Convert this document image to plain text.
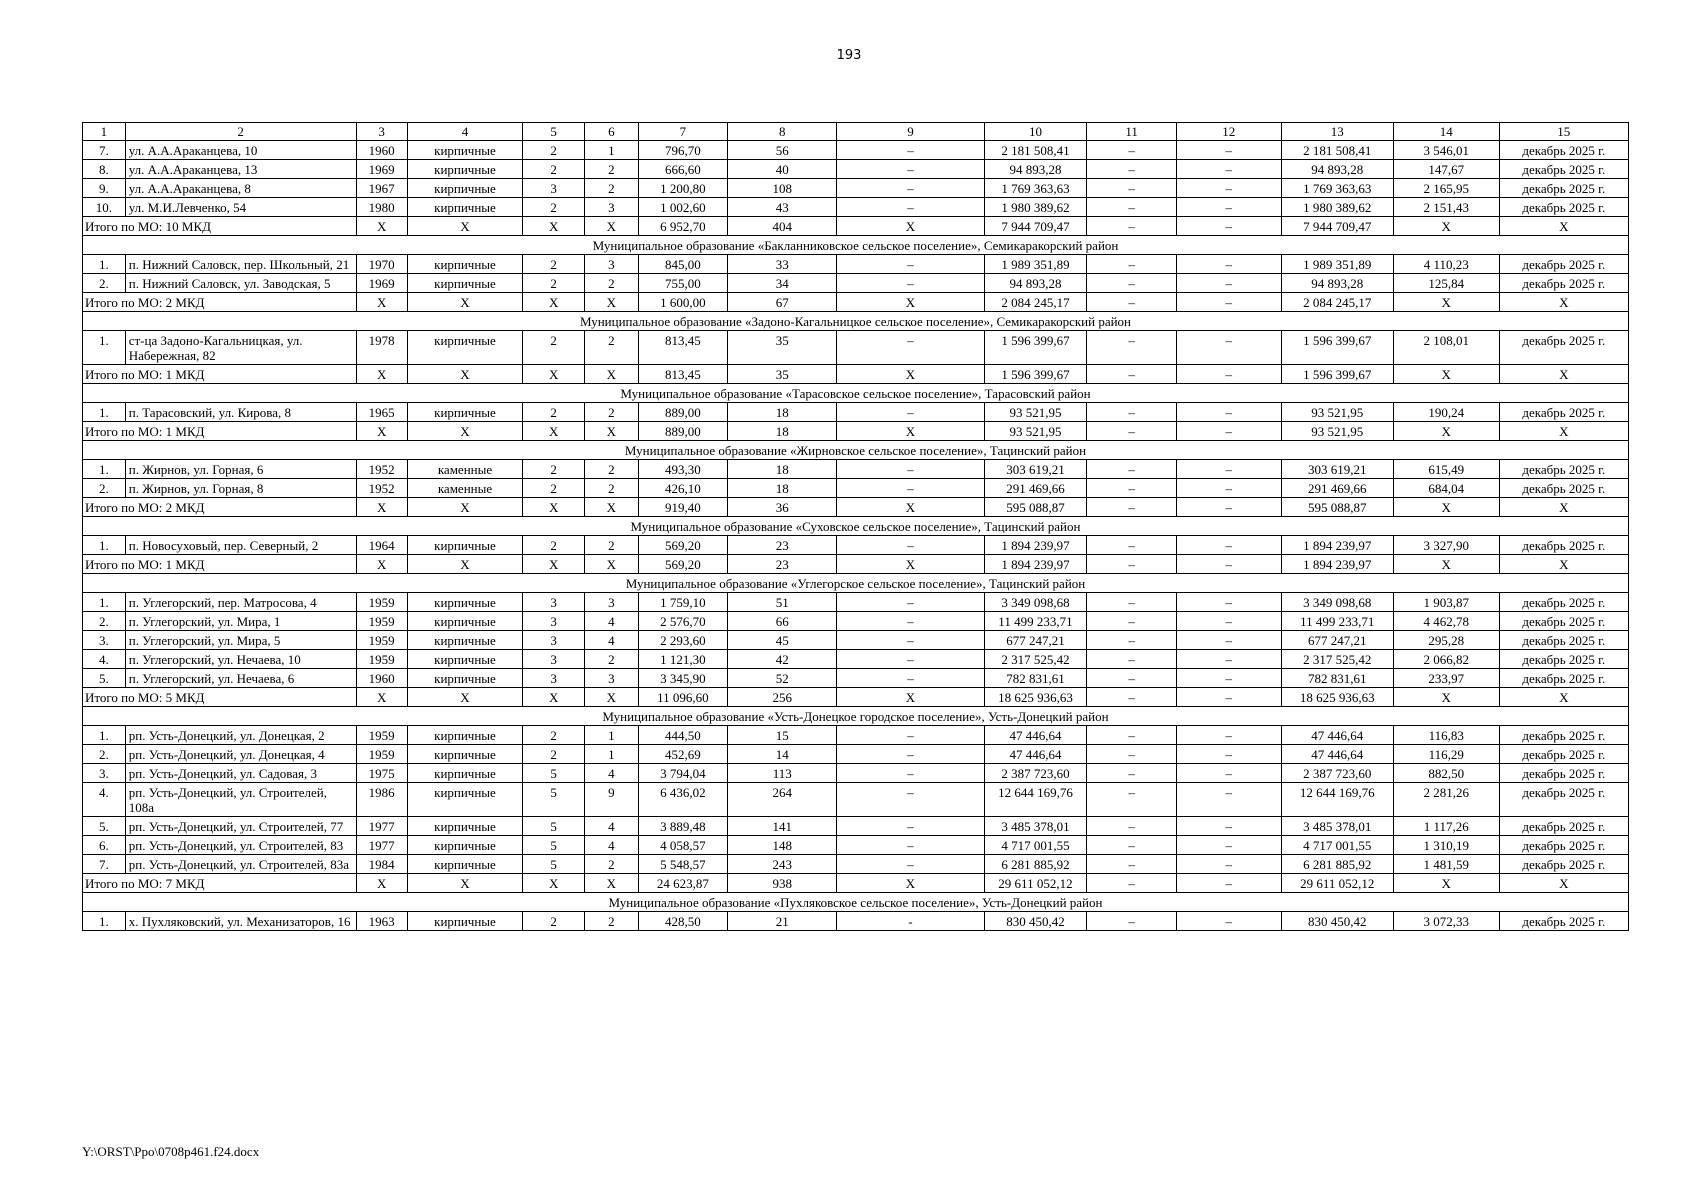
193
1	2	3	4	5	6	7	8	9	10	11	12	13	14	15
7.	ул. А.А.Араканцева, 10	1960	кирпичные	2	1	796,70	56	–	2 181 508,41	–	–	2 181 508,41	3 546,01	декабрь 2025 г.
8.	ул. А.А.Араканцева, 13	1969	кирпичные	2	2	666,60	40	–	94 893,28	–	–	94 893,28	147,67	декабрь 2025 г.
9.	ул. А.А.Араканцева, 8	1967	кирпичные	3	2	1 200,80	108	–	1 769 363,63	–	–	1 769 363,63	2 165,95	декабрь 2025 г.
10.	ул. М.И.Левченко, 54	1980	кирпичные	2	3	1 002,60	43	–	1 980 389,62	–	–	1 980 389,62	2 151,43	декабрь 2025 г.
Итого по МО: 10 МКД		X	X	X	X	6 952,70	404	X	7 944 709,47	–	–	7 944 709,47	X	X
Муниципальное образование «Бакланниковское сельское поселение», Семикаракорский район														
1.	п. Нижний Саловск, пер. Школьный, 21	1970	кирпичные	2	3	845,00	33	–	1 989 351,89	–	–	1 989 351,89	4 110,23	декабрь 2025 г.
2.	п. Нижний Саловск, ул. Заводская, 5	1969	кирпичные	2	2	755,00	34	–	94 893,28	–	–	94 893,28	125,84	декабрь 2025 г.
Итого по МО: 2 МКД		X	X	X	X	1 600,00	67	X	2 084 245,17	–	–	2 084 245,17	X	X
Муниципальное образование «Задоно-Кагальницкое сельское поселение», Семикаракорский район														
1.	ст-ца Задоно-Кагальницкая, ул. Набережная, 82	1978	кирпичные	2	2	813,45	35	–	1 596 399,67	–	–	1 596 399,67	2 108,01	декабрь 2025 г.
Итого по МО: 1 МКД		X	X	X	X	813,45	35	X	1 596 399,67	–	–	1 596 399,67	X	X
Муниципальное образование «Тарасовское сельское поселение», Тарасовский район														
1.	п. Тарасовский, ул. Кирова, 8	1965	кирпичные	2	2	889,00	18	–	93 521,95	–	–	93 521,95	190,24	декабрь 2025 г.
Итого по МО: 1 МКД		X	X	X	X	889,00	18	X	93 521,95	–	–	93 521,95	X	X
Муниципальное образование «Жирновское сельское поселение», Тацинский район														
1.	п. Жирнов, ул. Горная, 6	1952	каменные	2	2	493,30	18	–	303 619,21	–	–	303 619,21	615,49	декабрь 2025 г.
2.	п. Жирнов, ул. Горная, 8	1952	каменные	2	2	426,10	18	–	291 469,66	–	–	291 469,66	684,04	декабрь 2025 г.
Итого по МО: 2 МКД		X	X	X	X	919,40	36	X	595 088,87	–	–	595 088,87	X	X
Муниципальное образование «Суховское сельское поселение», Тацинский район														
1.	п. Новосуховый, пер. Северный, 2	1964	кирпичные	2	2	569,20	23	–	1 894 239,97	–	–	1 894 239,97	3 327,90	декабрь 2025 г.
Итого по МО: 1 МКД		X	X	X	X	569,20	23	X	1 894 239,97	–	–	1 894 239,97	X	X
Муниципальное образование «Углегорское сельское поселение», Тацинский район														
1.	п. Углегорский, пер. Матросова, 4	1959	кирпичные	3	3	1 759,10	51	–	3 349 098,68	–	–	3 349 098,68	1 903,87	декабрь 2025 г.
2.	п. Углегорский, ул. Мира, 1	1959	кирпичные	3	4	2 576,70	66	–	11 499 233,71	–	–	11 499 233,71	4 462,78	декабрь 2025 г.
3.	п. Углегорский, ул. Мира, 5	1959	кирпичные	3	4	2 293,60	45	–	677 247,21	–	–	677 247,21	295,28	декабрь 2025 г.
4.	п. Углегорский, ул. Нечаева, 10	1959	кирпичные	3	2	1 121,30	42	–	2 317 525,42	–	–	2 317 525,42	2 066,82	декабрь 2025 г.
5.	п. Углегорский, ул. Нечаева, 6	1960	кирпичные	3	3	3 345,90	52	–	782 831,61	–	–	782 831,61	233,97	декабрь 2025 г.
Итого по МО: 5 МКД		X	X	X	X	11 096,60	256	X	18 625 936,63	–	–	18 625 936,63	X	X
Муниципальное образование «Усть-Донецкое городское поселение», Усть-Донецкий район														
1.	рп. Усть-Донецкий, ул. Донецкая, 2	1959	кирпичные	2	1	444,50	15	–	47 446,64	–	–	47 446,64	116,83	декабрь 2025 г.
2.	рп. Усть-Донецкий, ул. Донецкая, 4	1959	кирпичные	2	1	452,69	14	–	47 446,64	–	–	47 446,64	116,29	декабрь 2025 г.
3.	рп. Усть-Донецкий, ул. Садовая, 3	1975	кирпичные	5	4	3 794,04	113	–	2 387 723,60	–	–	2 387 723,60	882,50	декабрь 2025 г.
4.	рп. Усть-Донецкий, ул. Строителей, 108а	1986	кирпичные	5	9	6 436,02	264	–	12 644 169,76	–	–	12 644 169,76	2 281,26	декабрь 2025 г.
5.	рп. Усть-Донецкий, ул. Строителей, 77	1977	кирпичные	5	4	3 889,48	141	–	3 485 378,01	–	–	3 485 378,01	1 117,26	декабрь 2025 г.
6.	рп. Усть-Донецкий, ул. Строителей, 83	1977	кирпичные	5	4	4 058,57	148	–	4 717 001,55	–	–	4 717 001,55	1 310,19	декабрь 2025 г.
7.	рп. Усть-Донецкий, ул. Строителей, 83а	1984	кирпичные	5	2	5 548,57	243	–	6 281 885,92	–	–	6 281 885,92	1 481,59	декабрь 2025 г.
Итого по МО: 7 МКД		X	X	X	X	24 623,87	938	X	29 611 052,12	–	–	29 611 052,12	X	X
Муниципальное образование «Пухляковское сельское поселение», Усть-Донецкий район														
1.	х. Пухляковский, ул. Механизаторов, 16	1963	кирпичные	2	2	428,50	21	-	830 450,42	–	–	830 450,42	3 072,33	декабрь 2025 г.
Y:\ORST\Ppo\0708p461.f24.docx
